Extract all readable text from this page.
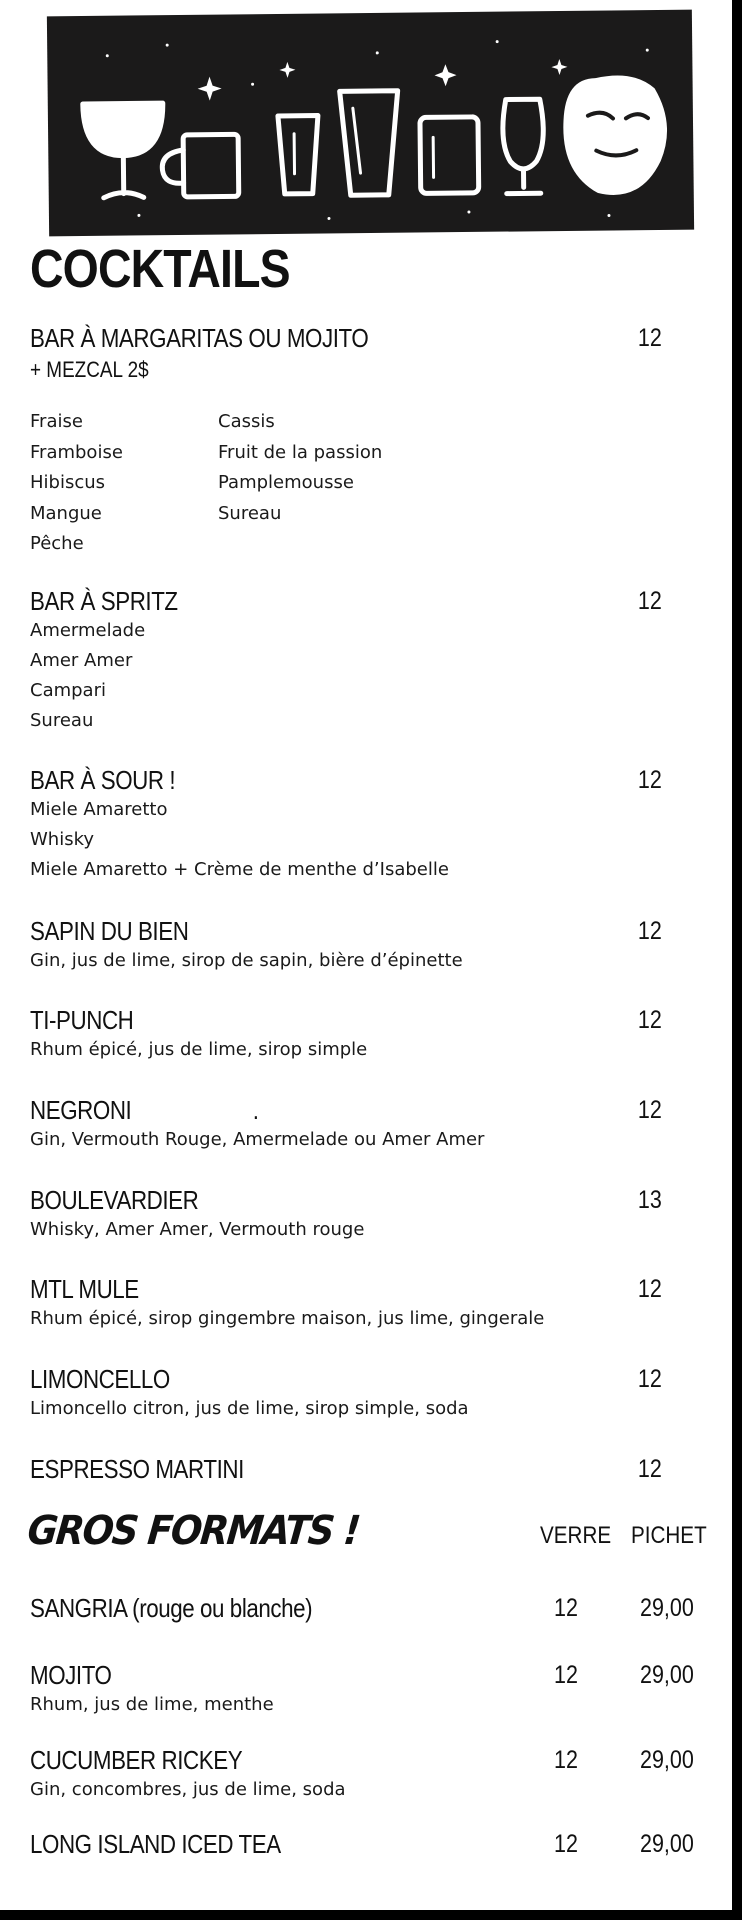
COCKTAILS
BAR À MARGARITAS OU MOJITO	12
+ MEZCAL 2$
Fraise
Framboise
Hibiscus
Mangue
Pêche
Cassis
Fruit de la passion
Pamplemousse
Sureau
BAR À SPRITZ	12
Amermelade
Amer Amer
Campari
Sureau
BAR À SOUR !	12
Miele Amaretto
Whisky
Miele Amaretto + Crème de menthe d’Isabelle
SAPIN DU BIEN	12
Gin, jus de lime, sirop de sapin, bière d’épinette
TI-PUNCH	12
Rhum épicé, jus de lime, sirop simple
NEGRONI                     .	12
Gin, Vermouth Rouge, Amermelade ou Amer Amer
BOULEVARDIER	13
Whisky, Amer Amer, Vermouth rouge
MTL MULE	12
Rhum épicé, sirop gingembre maison, jus lime, gingerale
LIMONCELLO	12
Limoncello citron, jus de lime, sirop simple, soda
ESPRESSO MARTINI	12
GROS FORMATS !	VERRE PICHET
SANGRIA (rouge ou blanche)	12 29,00
MOJITO	12 29,00
Rhum, jus de lime, menthe
CUCUMBER RICKEY	12 29,00
Gin, concombres, jus de lime, soda
LONG ISLAND ICED TEA	12 29,00
